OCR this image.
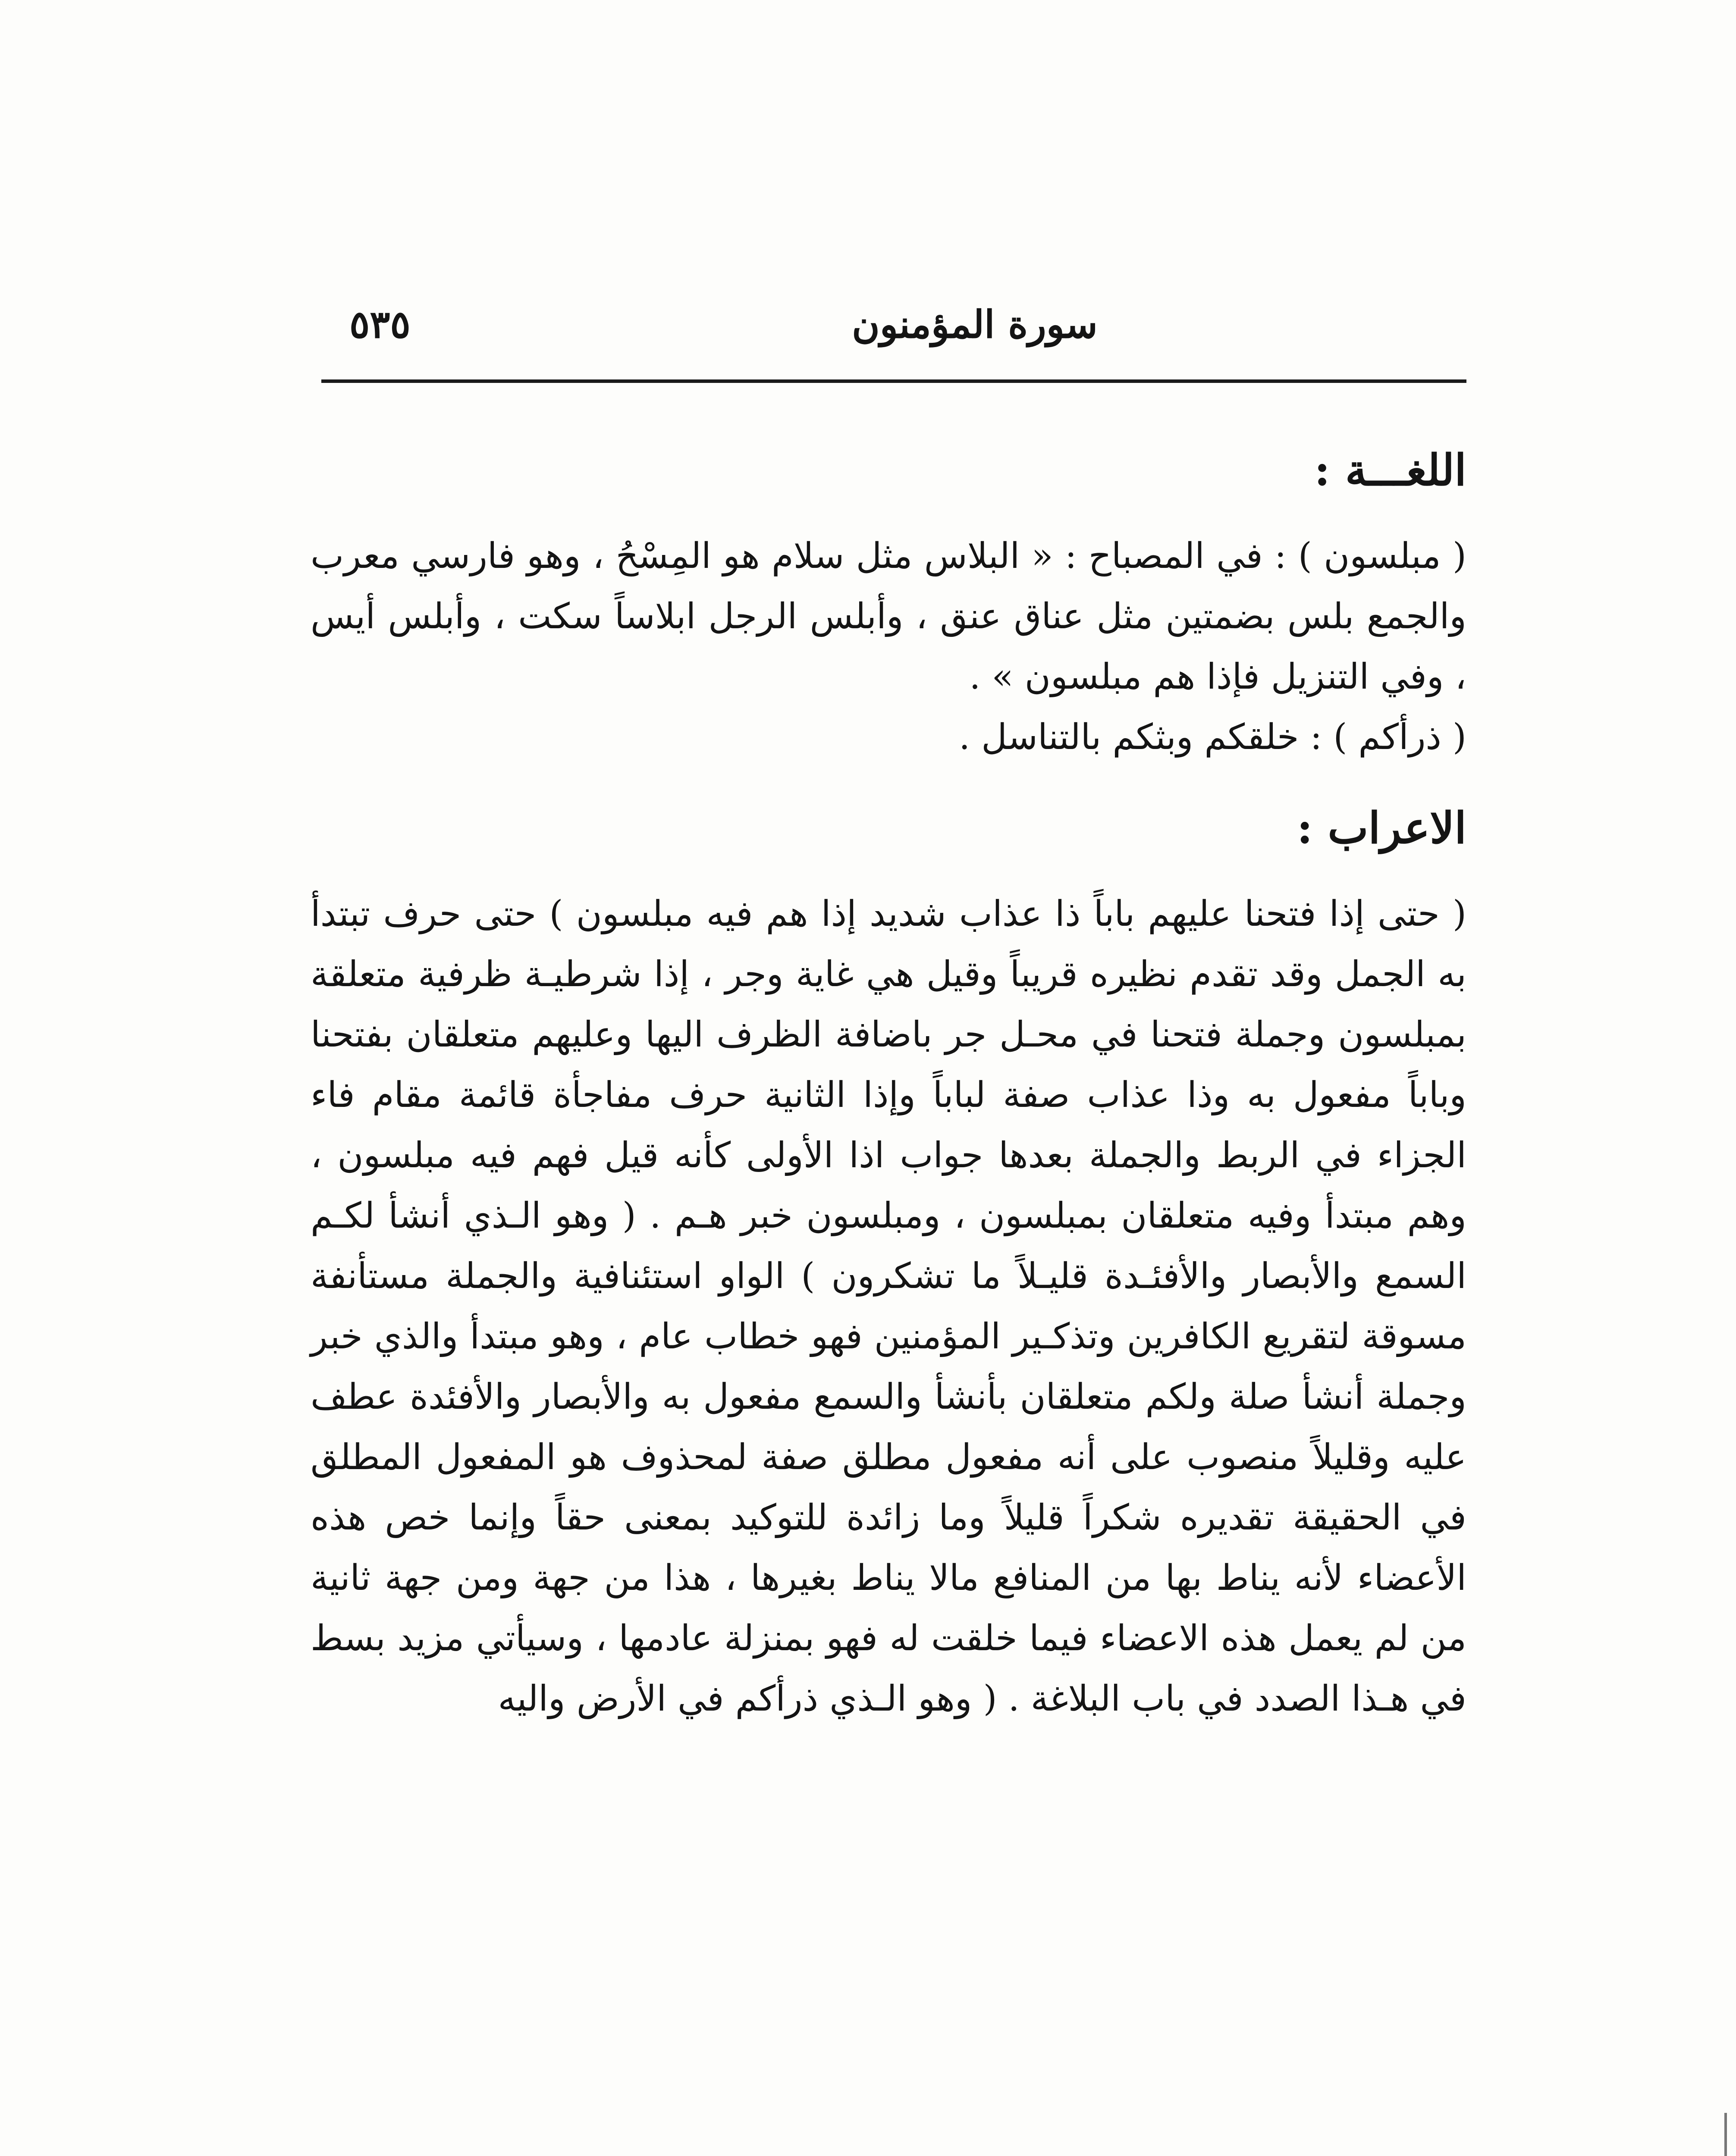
٥٣٥	سورة المؤمنون
اللغـــة :

( مبلسون ) : في المصباح : « البلاس مثل سلام هو المِسْحُ ، وهو فارسي معرب والجمع بلس بضمتين مثل عناق عنق ، وأبلس الرجل ابلاساً سكت ، وأبلس أيس ، وفي التنزيل فإذا هم مبلسون » .

( ذرأكم ) : خلقكم وبثكم بالتناسل .

الاعراب :

( حتى إذا فتحنا عليهم باباً ذا عذاب شديد إذا هم فيه مبلسون ) حتى حرف تبتدأ به الجمل وقد تقدم نظيره قريباً وقيل هي غاية وجر ، إذا شرطيـة ظرفية متعلقة بمبلسون وجملة فتحنا في محـل جر باضافة الظرف اليها وعليهم متعلقان بفتحنا وباباً مفعول به وذا عذاب صفة لباباً وإذا الثانية حرف مفاجأة قائمة مقام فاء الجزاء في الربط والجملة بعدها جواب اذا الأولى كأنه قيل فهم فيه مبلسون ، وهم مبتدأ وفيه متعلقان بمبلسون ، ومبلسون خبر هـم . ( وهو الـذي أنشأ لكـم السمع والأبصار والأفئـدة قليـلاً ما تشكرون ) الواو استئنافية والجملة مستأنفة مسوقة لتقريع الكافرين وتذكـير المؤمنين فهو خطاب عام ، وهو مبتدأ والذي خبر وجملة أنشأ صلة ولكم متعلقان بأنشأ والسمع مفعول به والأبصار والأفئدة عطف عليه وقليلاً منصوب على أنه مفعول مطلق صفة لمحذوف هو المفعول المطلق في الحقيقة تقديره شكراً قليلاً وما زائدة للتوكيد بمعنى حقاً وإنما خص هذه الأعضاء لأنه يناط بها من المنافع مالا يناط بغيرها ، هذا من جهة ومن جهة ثانية من لم يعمل هذه الاعضاء فيما خلقت له فهو بمنزلة عادمها ، وسيأتي مزيد بسط في هـذا الصدد في باب البلاغة . ( وهو الـذي ذرأكم في الأرض واليه
